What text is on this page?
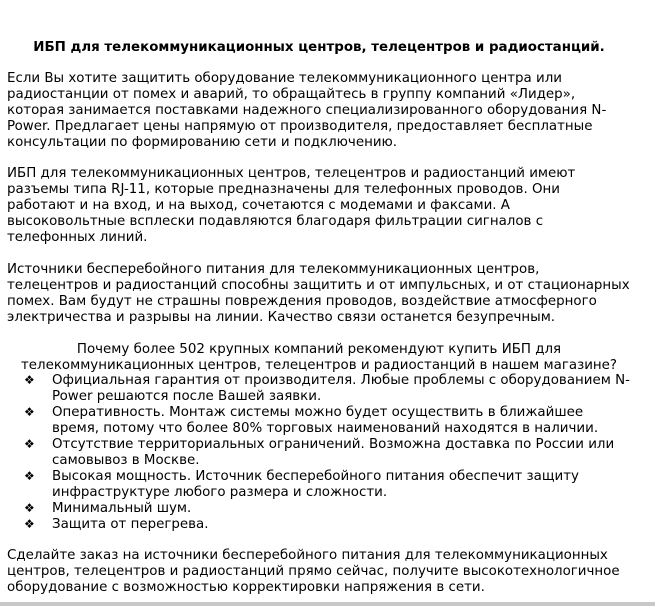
ИБП для телекоммуникационных центров, телецентров и радиостанций.

Если Вы хотите защитить оборудование телекоммуникационного центра или радиостанции от помех и аварий, то обращайтесь в группу компаний «Лидер», которая занимается поставками надежного специализированного оборудования N-Power. Предлагает цены напрямую от производителя, предоставляет бесплатные консультации по формированию сети и подключению.

ИБП для телекоммуникационных центров, телецентров и радиостанций имеют разъемы типа RJ-11, которые предназначены для телефонных проводов. Они работают и на вход, и на выход, сочетаются с модемами и факсами. А высоковольтные всплески подавляются благодаря фильтрации сигналов с телефонных линий.

Источники бесперебойного питания для телекоммуникационных центров, телецентров и радиостанций способны защитить и от импульсных, и от стационарных помех. Вам будут не страшны повреждения проводов, воздействие атмосферного электричества и разрывы на линии. Качество связи останется безупречным.

Почему более 502 крупных компаний рекомендуют купить ИБП для телекоммуникационных центров, телецентров и радиостанций в нашем магазине?

❖ Официальная гарантия от производителя. Любые проблемы с оборудованием N-Power решаются после Вашей заявки.
❖ Оперативность. Монтаж системы можно будет осуществить в ближайшее время, потому что более 80% торговых наименований находятся в наличии.
❖ Отсутствие территориальных ограничений. Возможна доставка по России или самовывоз в Москве.
❖ Высокая мощность. Источник бесперебойного питания обеспечит защиту инфраструктуре любого размера и сложности.
❖ Минимальный шум.
❖ Защита от перегрева.

Сделайте заказ на источники бесперебойного питания для телекоммуникационных центров, телецентров и радиостанций прямо сейчас, получите высокотехнологичное оборудование с возможностью корректировки напряжения в сети.
